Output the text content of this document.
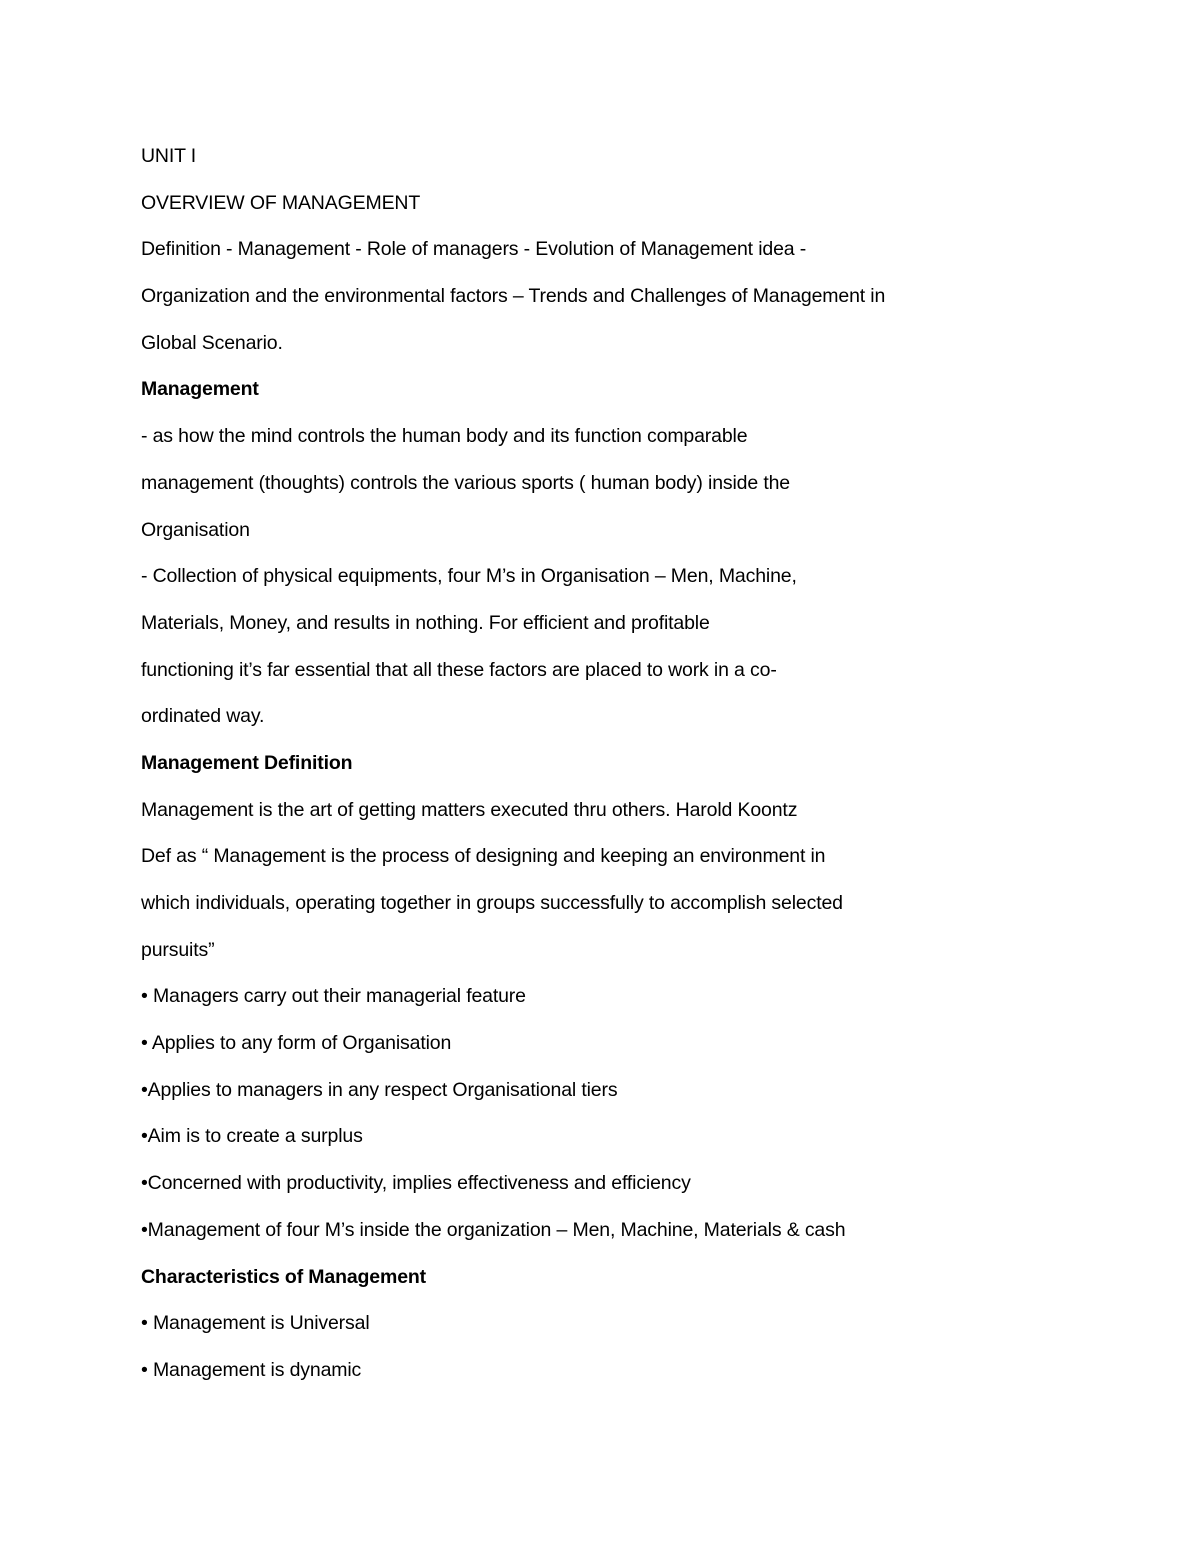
UNIT I
OVERVIEW OF MANAGEMENT
Definition - Management - Role of managers - Evolution of Management idea -
Organization and the environmental factors – Trends and Challenges of Management in
Global Scenario.
Management
- as how the mind controls the human body and its function comparable
management (thoughts) controls the various sports ( human body) inside the
Organisation
- Collection of physical equipments, four M’s in Organisation – Men, Machine,
Materials, Money, and results in nothing. For efficient and profitable
functioning it’s far essential that all these factors are placed to work in a co-
ordinated way.
Management Definition
Management is the art of getting matters executed thru others. Harold Koontz
Def as “ Management is the process of designing and keeping an environment in
which individuals, operating together in groups successfully to accomplish selected
pursuits”
• Managers carry out their managerial feature
• Applies to any form of Organisation
•Applies to managers in any respect Organisational tiers
•Aim is to create a surplus
•Concerned with productivity, implies effectiveness and efficiency
•Management of four M’s inside the organization – Men, Machine, Materials & cash
Characteristics of Management
• Management is Universal
• Management is dynamic
